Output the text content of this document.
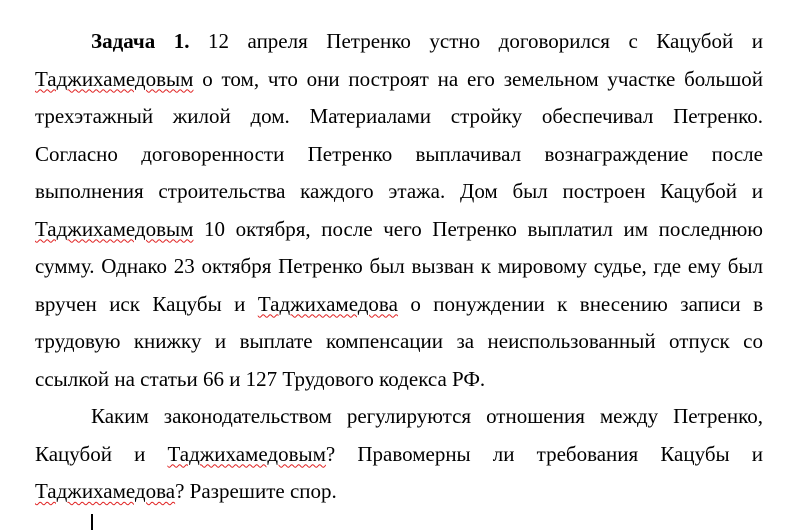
Задача 1. 12 апреля Петренко устно договорился с Кацубой и Таджихамедовым о том, что они построят на его земельном участке большой трехэтажный жилой дом. Материалами стройку обеспечивал Петренко. Согласно договоренности Петренко выплачивал вознаграждение после выполнения строительства каждого этажа. Дом был построен Кацубой и Таджихамедовым 10 октября, после чего Петренко выплатил им последнюю сумму. Однако 23 октября Петренко был вызван к мировому судье, где ему был вручен иск Кацубы и Таджихамедова о понуждении к внесению записи в трудовую книжку и выплате компенсации за неиспользованный отпуск со ссылкой на статьи 66 и 127 Трудового кодекса РФ.

Каким законодательством регулируются отношения между Петренко, Кацубой и Таджихамедовым? Правомерны ли требования Кацубы и Таджихамедова? Разрешите спор.
